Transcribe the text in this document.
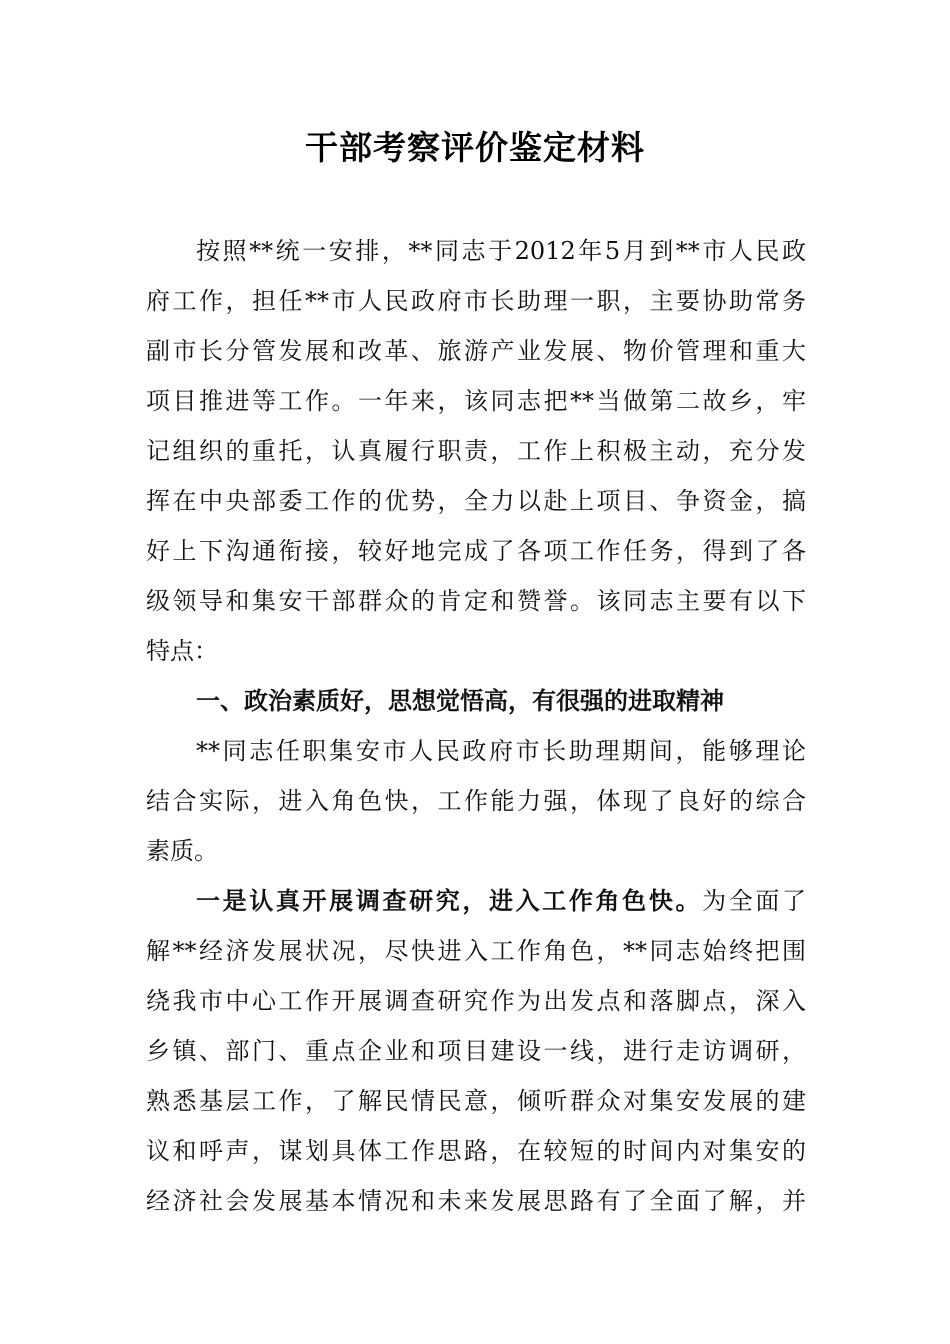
干部考察评价鉴定材料
按照**统一安排，**同志于2012年5月到**市人民政
府工作，担任**市人民政府市长助理一职，主要协助常务
副市长分管发展和改革、旅游产业发展、物价管理和重大
项目推进等工作。一年来，该同志把**当做第二故乡，牢
记组织的重托，认真履行职责，工作上积极主动，充分发
挥在中央部委工作的优势，全力以赴上项目、争资金，搞
好上下沟通衔接，较好地完成了各项工作任务，得到了各
级领导和集安干部群众的肯定和赞誉。该同志主要有以下
特点：
一、政治素质好，思想觉悟高，有很强的进取精神
**同志任职集安市人民政府市长助理期间，能够理论
结合实际，进入角色快，工作能力强，体现了良好的综合
素质。
一是认真开展调查研究，进入工作角色快。为全面了
解**经济发展状况，尽快进入工作角色，**同志始终把围
绕我市中心工作开展调查研究作为出发点和落脚点，深入
乡镇、部门、重点企业和项目建设一线，进行走访调研，
熟悉基层工作，了解民情民意，倾听群众对集安发展的建
议和呼声，谋划具体工作思路，在较短的时间内对集安的
经济社会发展基本情况和未来发展思路有了全面了解，并
